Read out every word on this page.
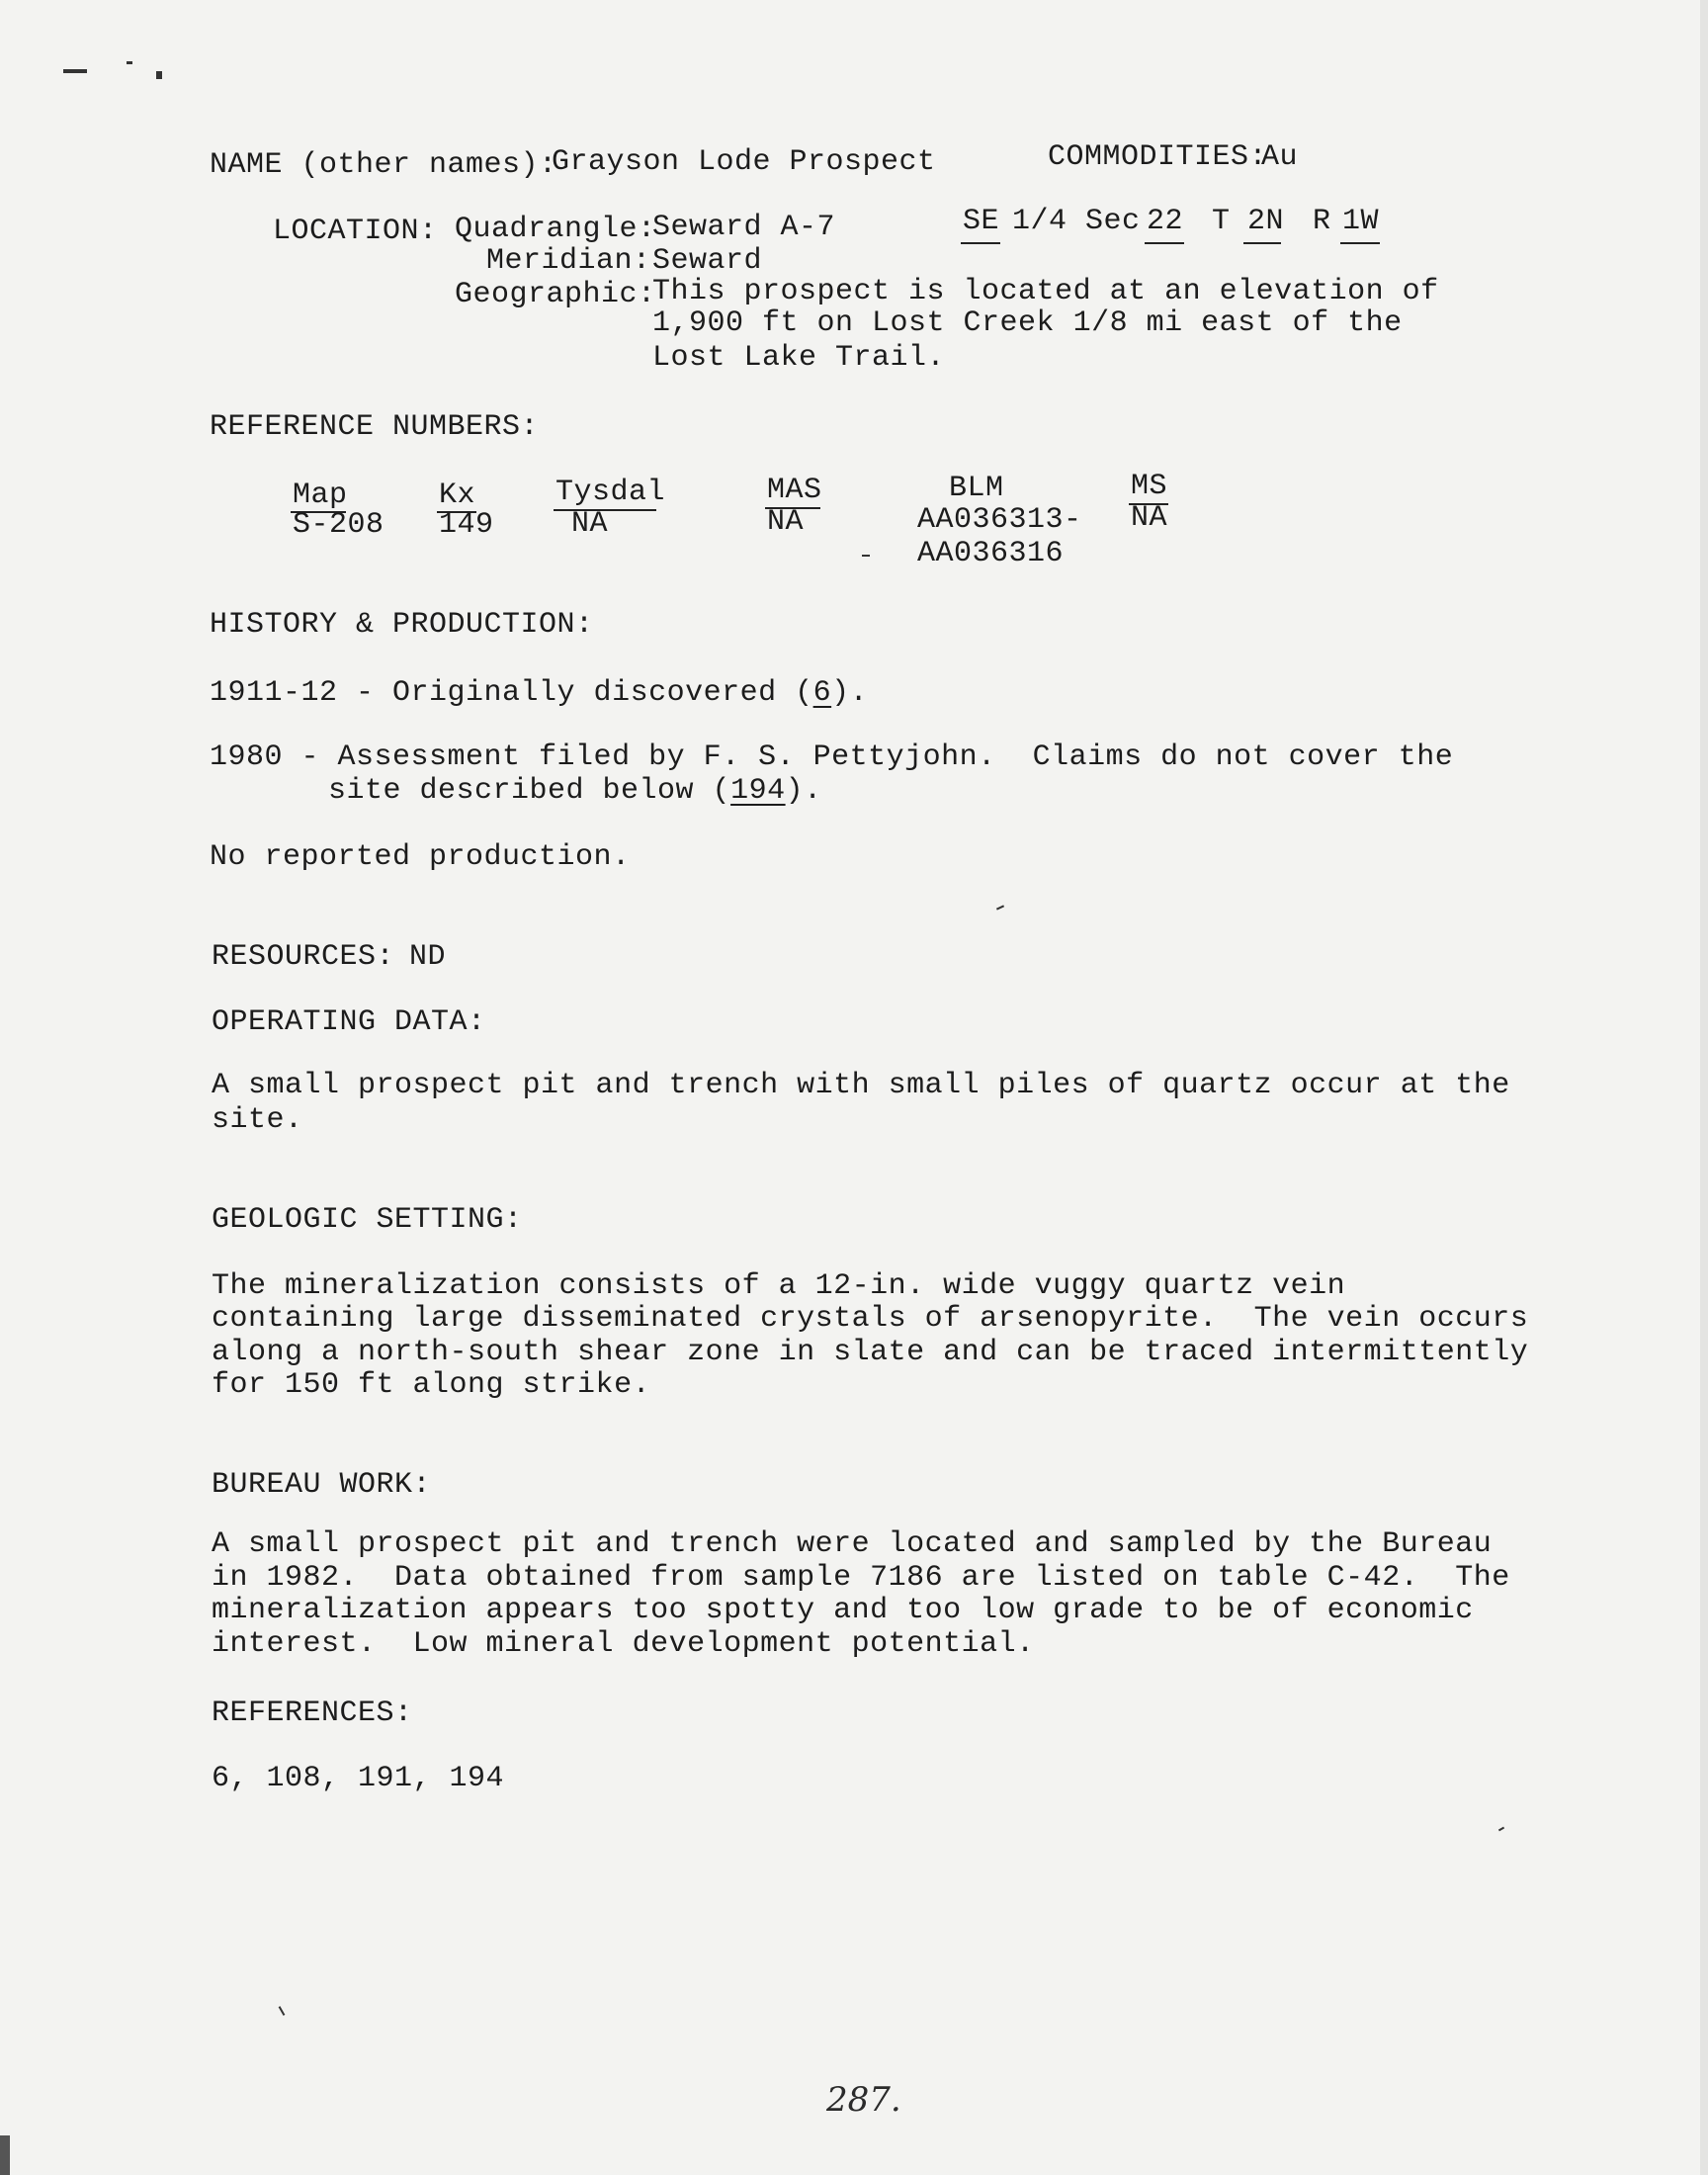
NAME (other names):
Grayson Lode Prospect	COMMODITIES:
Au
LOCATION: Quadrangle:
Seward A-7	SE 1/4 Sec 22 T 2N R 1W
Meridian: Seward
Geographic:
This prospect is located at an elevation of
1,900 ft on Lost Creek 1/8 mi east of the
Lost Lake Trail.
REFERENCE NUMBERS:
Map
S-208
Kx
149
Tysdal
NA
MAS
NA
BLM
AA036313-
AA036316
MS
NA
HISTORY & PRODUCTION:
1911-12 - Originally discovered (6).
1980 - Assessment filed by F. S. Pettyjohn.  Claims do not cover the
site described below (194).
No reported production.
RESOURCES: ND
OPERATING DATA:
A small prospect pit and trench with small piles of quartz occur at the
site.
GEOLOGIC SETTING:
The mineralization consists of a 12-in. wide vuggy quartz vein
containing large disseminated crystals of arsenopyrite.  The vein occurs
along a north-south shear zone in slate and can be traced intermittently
for 150 ft along strike.
BUREAU WORK:
A small prospect pit and trench were located and sampled by the Bureau
in 1982.  Data obtained from sample 7186 are listed on table C-42.  The
mineralization appears too spotty and too low grade to be of economic
interest.  Low mineral development potential.
REFERENCES:
6, 108, 191, 194
287.
